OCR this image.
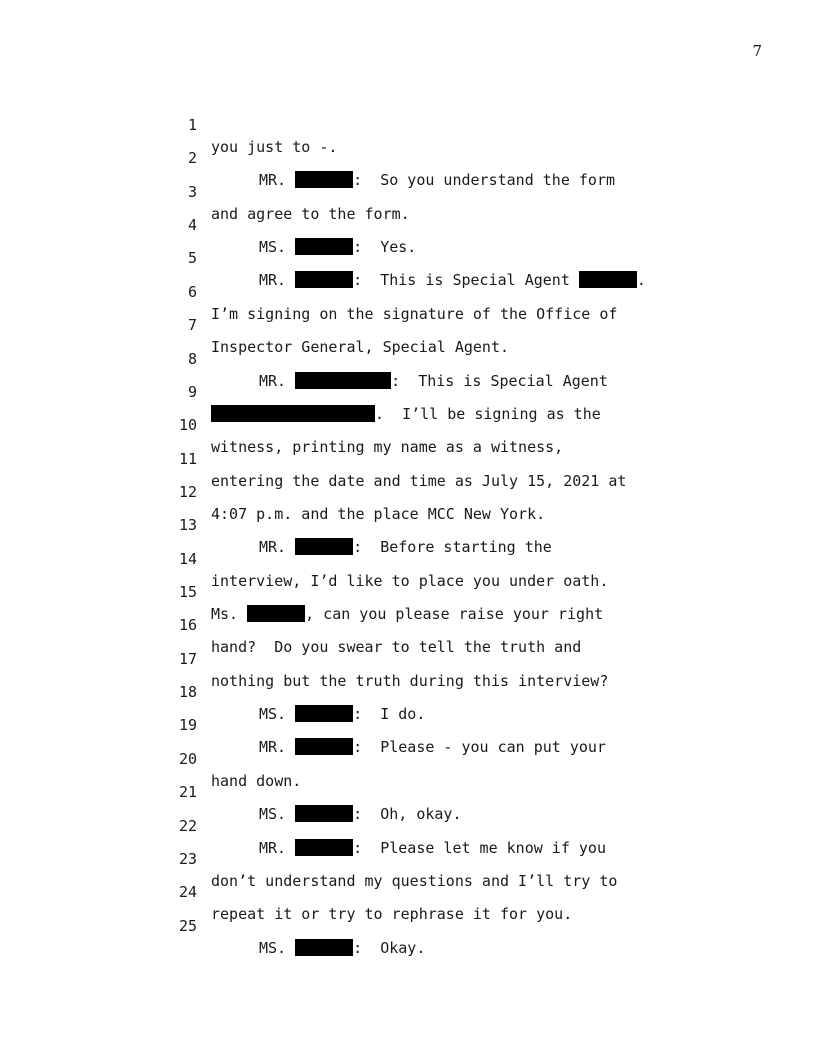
7

1

you just to -.

2

MR.	:  So you understand the form

3

and agree to the form.

4

MS.	:  Yes.

5

MR.	:  This is Special Agent	.

6

I’m signing on the signature of the Office of

7

Inspector General, Special Agent.

8

MR.	:  This is Special Agent

9

.  I’ll be signing as the

10

witness, printing my name as a witness,

11

entering the date and time as July 15, 2021 at

12

4:07 p.m. and the place MCC New York.

13

MR.	:  Before starting the

14

interview, I’d like to place you under oath.

15

Ms.	, can you please raise your right

16

hand?  Do you swear to tell the truth and

17

nothing but the truth during this interview?

18

MS.	:  I do.

19

MR.	:  Please - you can put your

20

hand down.

21

MS.	:  Oh, okay.

22

MR.	:  Please let me know if you

23

don’t understand my questions and I’ll try to

24

repeat it or try to rephrase it for you.

25

MS.	:  Okay.
